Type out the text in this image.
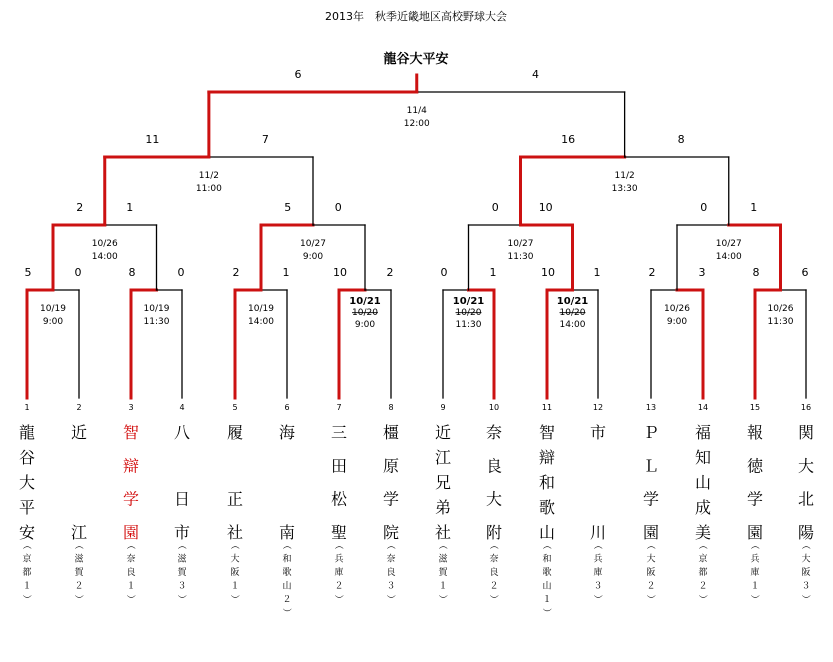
2013年　秋季近畿地区高校野球大会
龍谷大平安
5	0
10/19
9:00
8	0
10/19
11:30
2	1
10/19
14:00
10	2
10/21
10/20
9:00
0	1
10/21
10/20
11:30
10	1
10/21
10/20
14:00
2	3
10/26
9:00
8	6
10/26
11:30
2	1
10/26
14:00
5	0
10/27
9:00
0	10
10/27
11:30
0	1
10/27
14:00
11	7
11/2
11:00
16	8
11/2
13:30
6	4
11/4
12:00
1
龍
谷
大
平
安
（
京
都
１
）
2
近

江
（
滋
賀
２
）
3
智
辯
学
園
（
奈
良
１
）
4
八

日
市
（
滋
賀
３
）
5
履

正
社
（
大
阪
１
）
6
海

南
（
和
歌
山
２
）
7
三
田
松
聖
（
兵
庫
２
）
8
橿
原
学
院
（
奈
良
３
）
9
近
江
兄
弟
社
（
滋
賀
１
）
10
奈
良
大
附
（
奈
良
２
）
11
智
辯
和
歌
山
（
和
歌
山
１
）
12
市

川
（
兵
庫
３
）
13
Ｐ
Ｌ
学
園
（
大
阪
２
）
14
福
知
山
成
美
（
京
都
２
）
15
報
徳
学
園
（
兵
庫
１
）
16
関
大
北
陽
（
大
阪
３
）
